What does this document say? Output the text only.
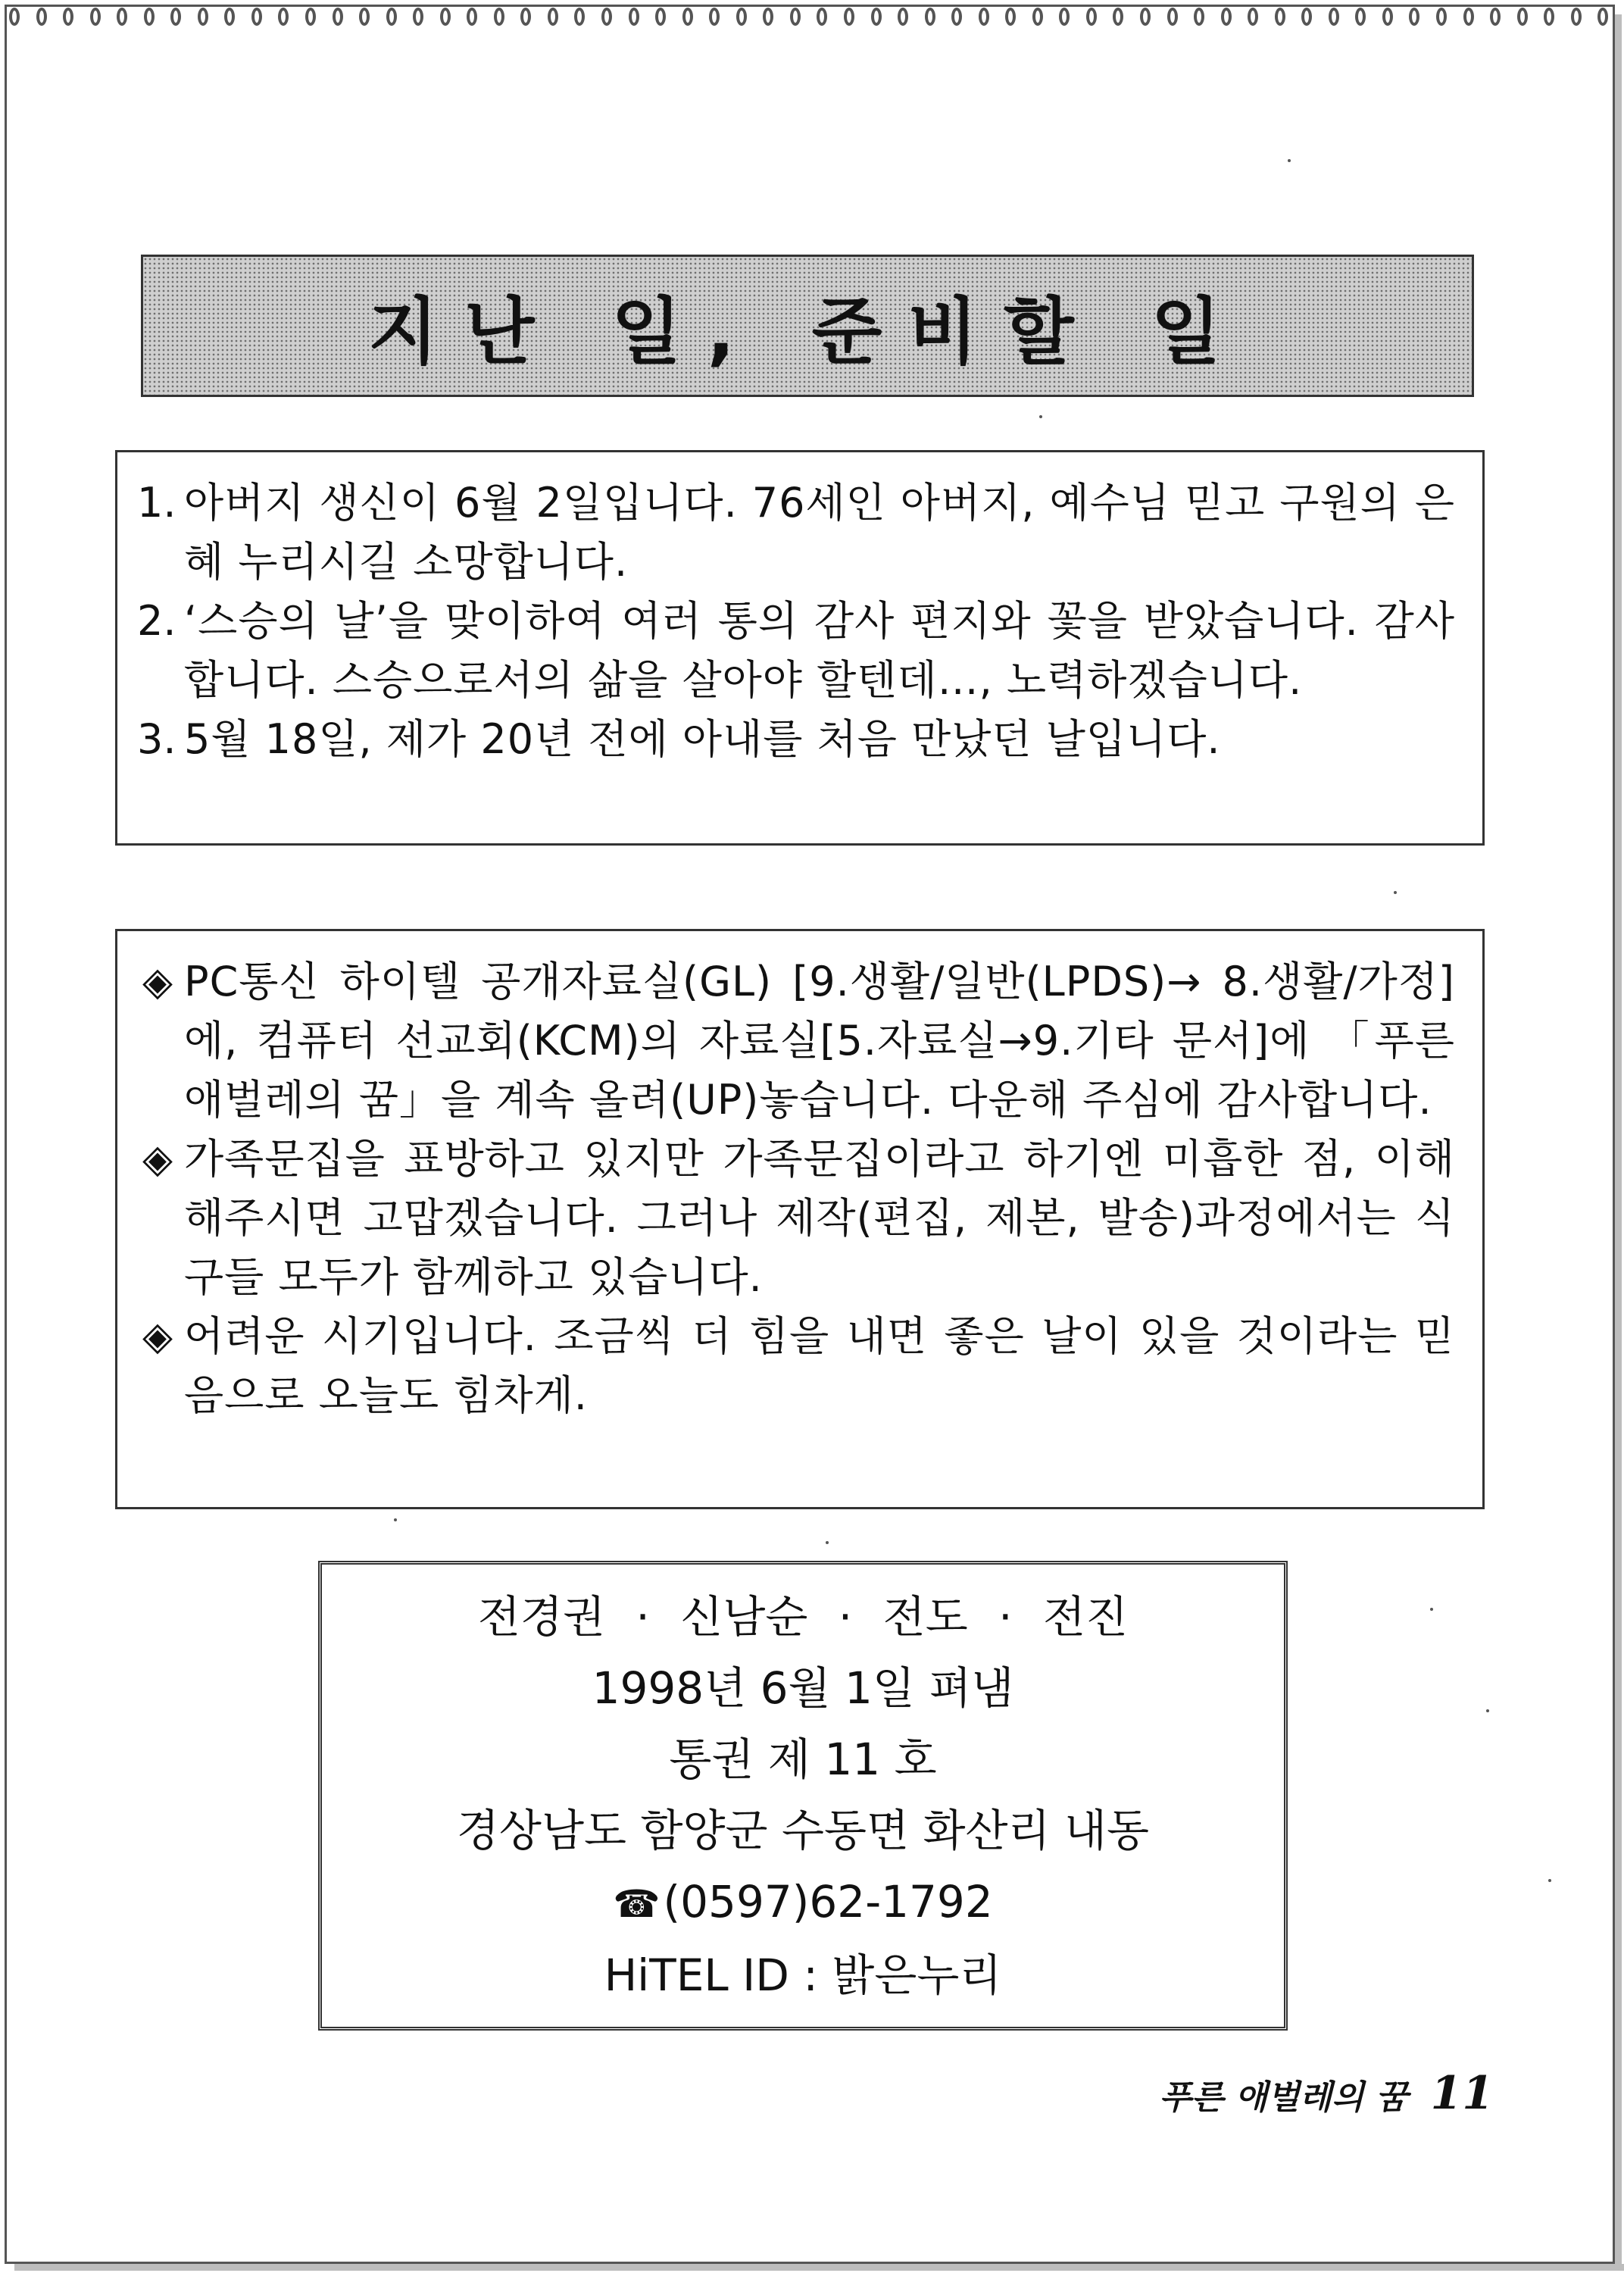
지난 일, 준비할 일
1. 아버지 생신이 6월 2일입니다. 76세인 아버지, 예수님 믿고 구원의 은혜 누리시길 소망합니다.
2. ‘스승의 날’을 맞이하여 여러 통의 감사 편지와 꽃을 받았습니다. 감사합니다. 스승으로서의 삶을 살아야 할텐데…, 노력하겠습니다.
3. 5월 18일, 제가 20년 전에 아내를 처음 만났던 날입니다.
◈ PC통신 하이텔 공개자료실(GL) [9.생활/일반(LPDS)→ 8.생활/가정]에, 컴퓨터 선교회(KCM)의 자료실[5.자료실→9.기타 문서]에 「푸른 애벌레의 꿈」을 계속 올려(UP)놓습니다. 다운해 주심에 감사합니다.
◈ 가족문집을 표방하고 있지만 가족문집이라고 하기엔 미흡한 점, 이해해주시면 고맙겠습니다. 그러나 제작(편집, 제본, 발송)과정에서는 식구들 모두가 함께하고 있습니다.
◈ 어려운 시기입니다. 조금씩 더 힘을 내면 좋은 날이 있을 것이라는 믿음으로 오늘도 힘차게.
전경권 · 신남순 · 전도 · 전진
1998년 6월 1일 펴냄
통권 제 11 호
경상남도 함양군 수동면 화산리 내동
☎(0597)62-1792
HiTEL ID : 밝은누리
푸른 애벌레의 꿈 11
